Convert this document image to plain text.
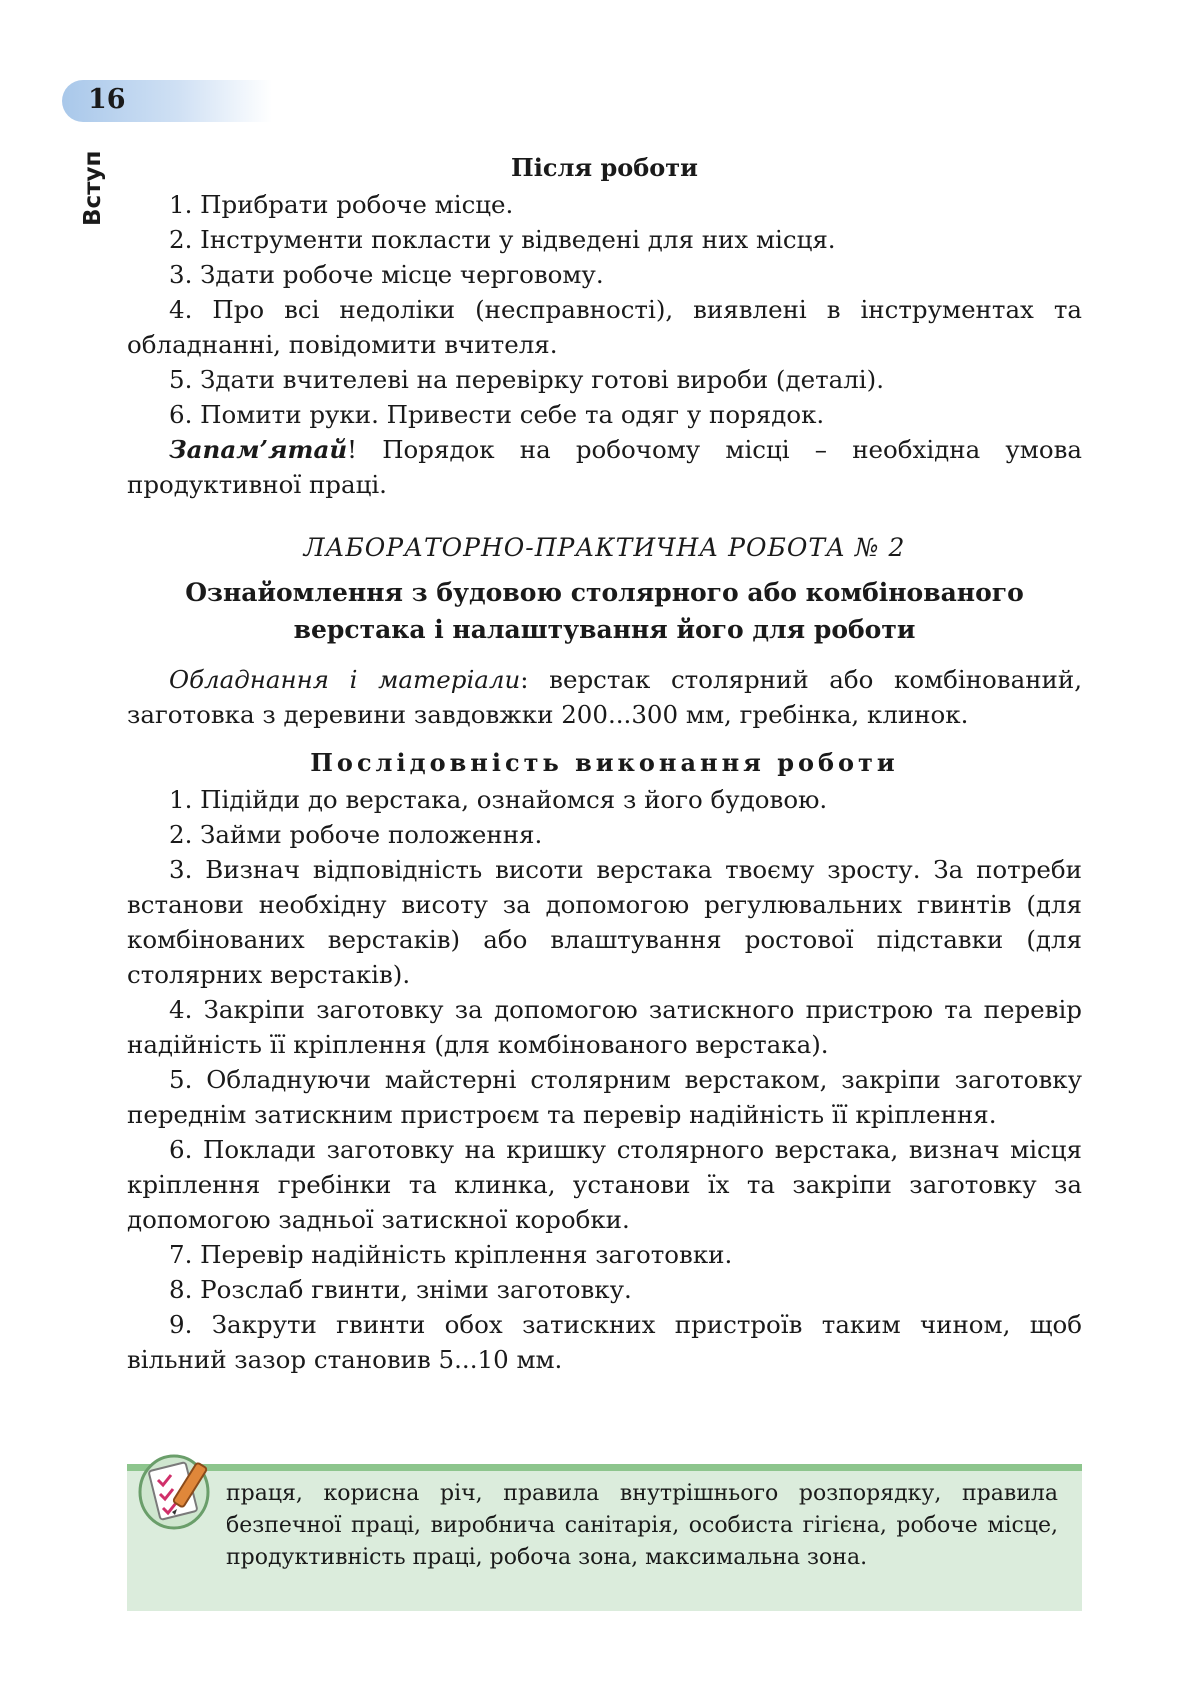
16
Вступ	Після роботи

1. Прибрати робоче місце.

2. Інструменти покласти у відведені для них місця.

3. Здати робоче місце черговому.

4. Про всі недоліки (несправності), виявлені в інструментах та обладнанні, повідомити вчителя.

5. Здати вчителеві на перевірку готові вироби (деталі).

6. Помити руки. Привести себе та одяг у порядок.

Запам’ятай! Порядок на робочому місці – необхідна умова продуктивної праці.

ЛАБОРАТОРНО-ПРАКТИЧНА РОБОТА № 2
Ознайомлення з будовою столярного або комбінованого
верстака і налаштування його для роботи

Обладнання і матеріали: верстак столярний або комбінований, заготовка з деревини завдовжки 200...300 мм, гребінка, клинок.

Послідовність виконання роботи

1. Підійди до верстака, ознайомся з його будовою.

2. Займи робоче положення.

3. Визнач відповідність висоти верстака твоєму зросту. За потреби встанови необхідну висоту за допомогою регулювальних гвинтів (для комбінованих верстаків) або влаштування ростової підставки (для столярних верстаків).

4. Закріпи заготовку за допомогою затискного пристрою та перевір надійність її кріплення (для комбінованого верстака).

5. Обладнуючи майстерні столярним верстаком, закріпи заготовку переднім затискним пристроєм та перевір надійність її кріплення.

6. Поклади заготовку на кришку столярного верстака, визнач місця кріплення гребінки та клинка, установи їх та закріпи заготовку за допомогою задньої затискної коробки.

7. Перевір надійність кріплення заготовки.

8. Розслаб гвинти, зніми заготовку.

9. Закрути гвинти обох затискних пристроїв таким чином, щоб вільний зазор становив 5...10 мм.

праця, корисна річ, правила внутрішнього розпорядку, правила безпечної праці, виробнича санітарія, особиста гігієна, робоче місце, продуктивність праці, робоча зона, максимальна зона.
